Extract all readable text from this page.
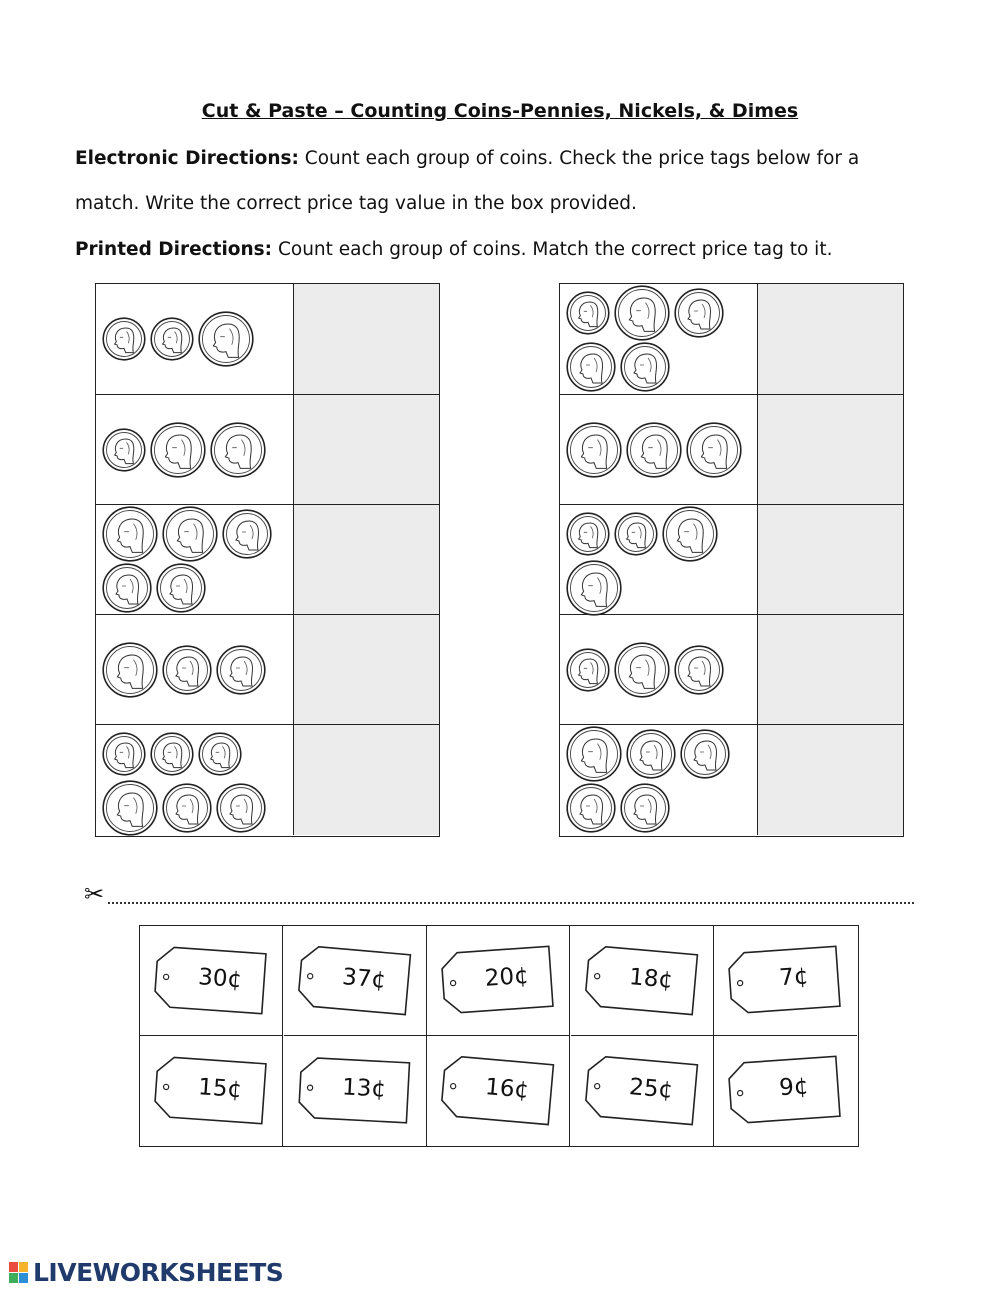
Cut & Paste – Counting Coins-Pennies, Nickels, & Dimes
Electronic Directions: Count each group of coins. Check the price tags below for a
match. Write the correct price tag value in the box provided.
Printed Directions: Count each group of coins. Match the correct price tag to it.
✂
30¢	37¢	20¢	18¢	7¢
15¢	13¢	16¢	25¢	9¢
LIVEWORKSHEETS
